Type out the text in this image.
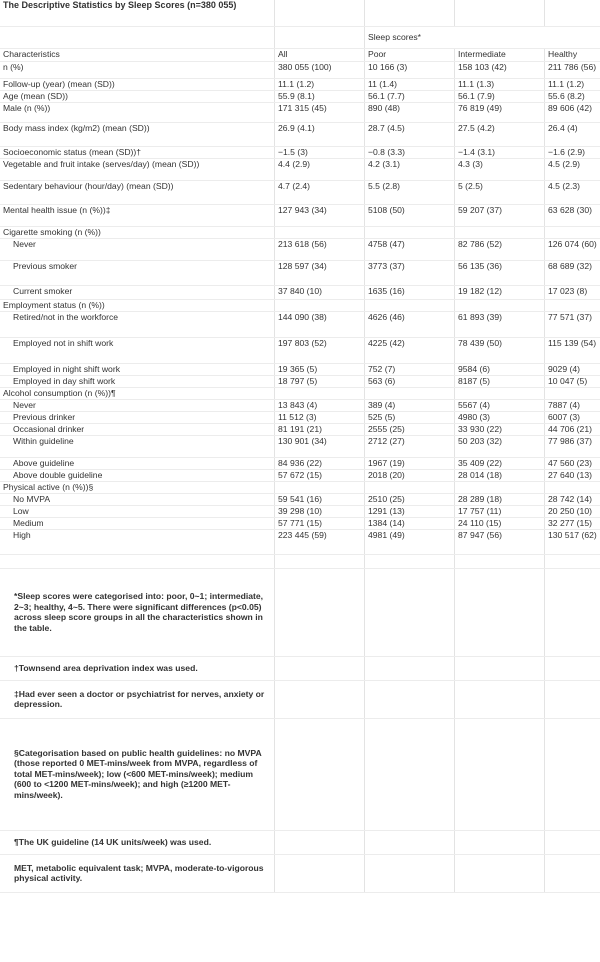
The Descriptive Statistics by Sleep Scores (n=380 055)				
		Sleep scores*		
Characteristics	All	Poor	Intermediate	Healthy
n (%)	380 055 (100)	10 166 (3)	158 103 (42)	211 786 (56)
Follow-up (year) (mean (SD))	11.1 (1.2)	11 (1.4)	11.1 (1.3)	11.1 (1.2)
Age (mean (SD))	55.9 (8.1)	56.1 (7.7)	56.1 (7.9)	55.6 (8.2)
Male (n (%))	171 315 (45)	890 (48)	76 819 (49)	89 606 (42)
Body mass index (kg/m2) (mean (SD))	26.9 (4.1)	28.7 (4.5)	27.5 (4.2)	26.4 (4)
Socioeconomic status (mean (SD))†	−1.5 (3)	−0.8 (3.3)	−1.4 (3.1)	−1.6 (2.9)
Vegetable and fruit intake (serves/day) (mean (SD))	4.4 (2.9)	4.2 (3.1)	4.3 (3)	4.5 (2.9)
Sedentary behaviour (hour/day) (mean (SD))	4.7 (2.4)	5.5 (2.8)	5 (2.5)	4.5 (2.3)
Mental health issue (n (%))‡	127 943 (34)	5108 (50)	59 207 (37)	63 628 (30)
Cigarette smoking (n (%))				
Never	213 618 (56)	4758 (47)	82 786 (52)	126 074 (60)
Previous smoker	128 597 (34)	3773 (37)	56 135 (36)	68 689 (32)
Current smoker	37 840 (10)	1635 (16)	19 182 (12)	17 023 (8)
Employment status (n (%))				
Retired/not in the workforce	144 090 (38)	4626 (46)	61 893 (39)	77 571 (37)
Employed not in shift work	197 803 (52)	4225 (42)	78 439 (50)	115 139 (54)
Employed in night shift work	19 365 (5)	752 (7)	9584 (6)	9029 (4)
Employed in day shift work	18 797 (5)	563 (6)	8187 (5)	10 047 (5)
Alcohol consumption (n (%))¶				
Never	13 843 (4)	389 (4)	5567 (4)	7887 (4)
Previous drinker	11 512 (3)	525 (5)	4980 (3)	6007 (3)
Occasional drinker	81 191 (21)	2555 (25)	33 930 (22)	44 706 (21)
Within guideline	130 901 (34)	2712 (27)	50 203 (32)	77 986 (37)
Above guideline	84 936 (22)	1967 (19)	35 409 (22)	47 560 (23)
Above double guideline	57 672 (15)	2018 (20)	28 014 (18)	27 640 (13)
Physical active (n (%))§				
No MVPA	59 541 (16)	2510 (25)	28 289 (18)	28 742 (14)
Low	39 298 (10)	1291 (13)	17 757 (11)	20 250 (10)
Medium	57 771 (15)	1384 (14)	24 110 (15)	32 277 (15)
High	223 445 (59)	4981 (49)	87 947 (56)	130 517 (62)

*Sleep scores were categorised into: poor, 0~1; intermediate, 2~3; healthy, 4~5. There were significant differences (p<0.05) across sleep score groups in all the characteristics shown in the table.				
†Townsend area deprivation index was used.				
‡Had ever seen a doctor or psychiatrist for nerves, anxiety or depression.				
§Categorisation based on public health guidelines: no MVPA (those reported 0 MET-mins/week from MVPA, regardless of total MET-mins/week); low (<600 MET-mins/week); medium (600 to <1200 MET-mins/week); and high (≥1200 MET-mins/week).				
¶The UK guideline (14 UK units/week) was used.				
MET, metabolic equivalent task; MVPA, moderate-to-vigorous physical activity.				
